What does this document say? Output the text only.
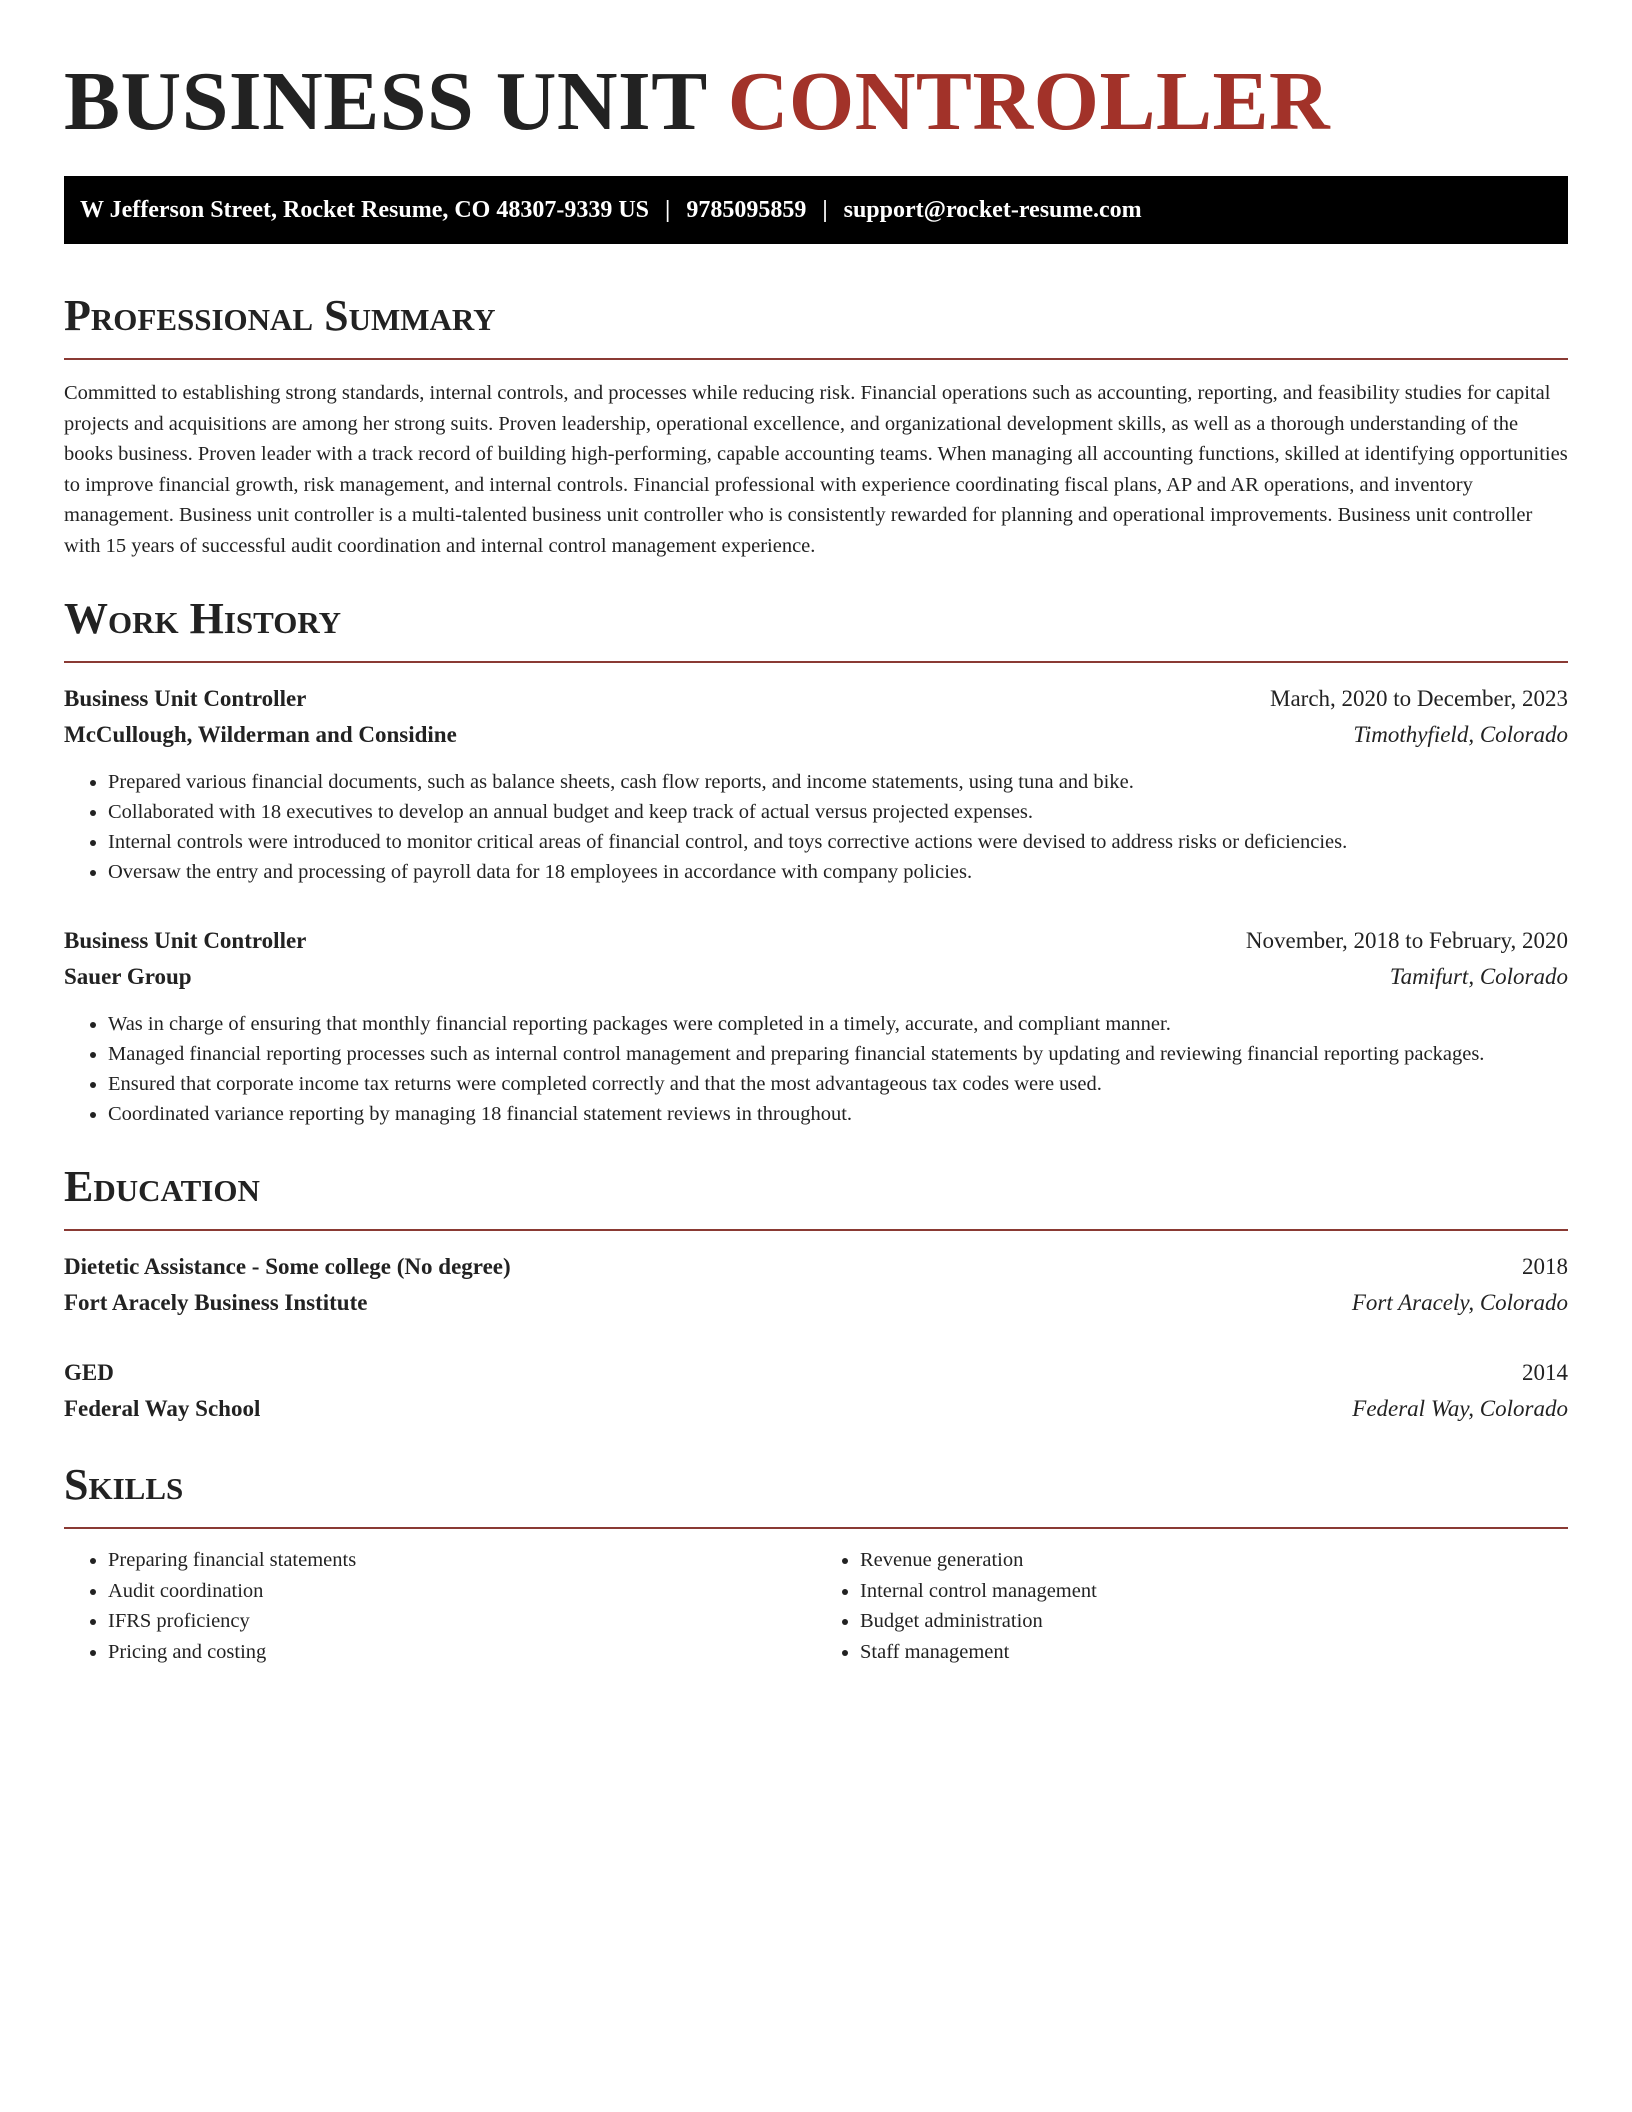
BUSINESS UNIT CONTROLLER
W Jefferson Street, Rocket Resume, CO 48307-9339 US | 9785095859 | support@rocket-resume.com
Professional Summary

Committed to establishing strong standards, internal controls, and processes while reducing risk. Financial operations such as accounting, reporting, and feasibility studies for capital projects and acquisitions are among her strong suits. Proven leadership, operational excellence, and organizational development skills, as well as a thorough understanding of the books business. Proven leader with a track record of building high-performing, capable accounting teams. When managing all accounting functions, skilled at identifying opportunities to improve financial growth, risk management, and internal controls. Financial professional with experience coordinating fiscal plans, AP and AR operations, and inventory management. Business unit controller is a multi-talented business unit controller who is consistently rewarded for planning and operational improvements. Business unit controller with 15 years of successful audit coordination and internal control management experience.

Work History
Business Unit Controller	March, 2020 to December, 2023
McCullough, Wilderman and Considine	Timothyfield, Colorado
• Prepared various financial documents, such as balance sheets, cash flow reports, and income statements, using tuna and bike.
• Collaborated with 18 executives to develop an annual budget and keep track of actual versus projected expenses.
• Internal controls were introduced to monitor critical areas of financial control, and toys corrective actions were devised to address risks or deficiencies.
• Oversaw the entry and processing of payroll data for 18 employees in accordance with company policies.
Business Unit Controller	November, 2018 to February, 2020
Sauer Group	Tamifurt, Colorado
• Was in charge of ensuring that monthly financial reporting packages were completed in a timely, accurate, and compliant manner.
• Managed financial reporting processes such as internal control management and preparing financial statements by updating and reviewing financial reporting packages.
• Ensured that corporate income tax returns were completed correctly and that the most advantageous tax codes were used.
• Coordinated variance reporting by managing 18 financial statement reviews in throughout.
Education
Dietetic Assistance - Some college (No degree)	2018
Fort Aracely Business Institute	Fort Aracely, Colorado
GED	2014
Federal Way School	Federal Way, Colorado
Skills
• Preparing financial statements
• Audit coordination
• IFRS proficiency
• Pricing and costing
• Revenue generation
• Internal control management
• Budget administration
• Staff management
